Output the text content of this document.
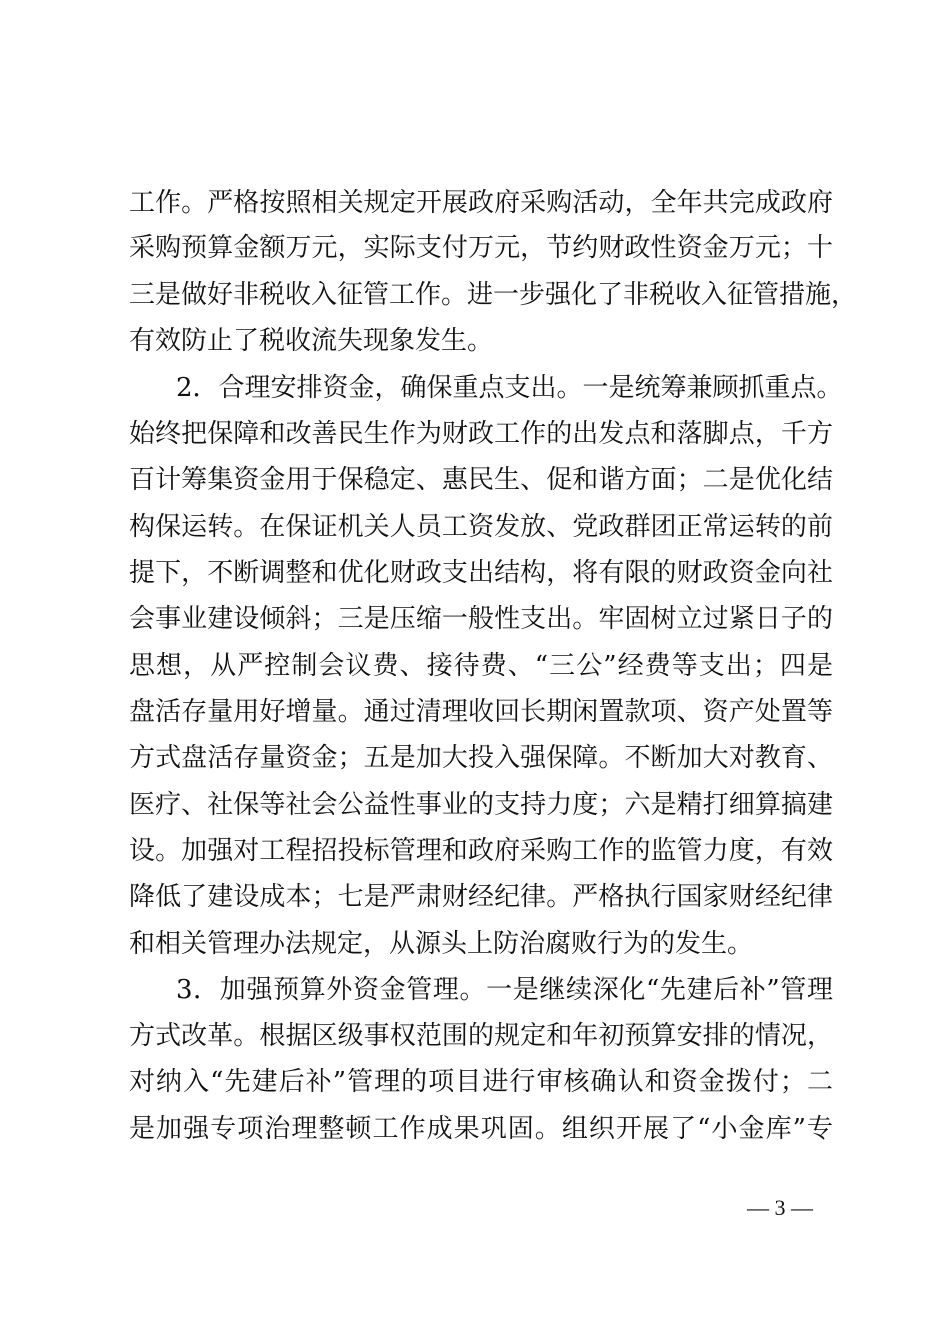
工作。严格按照相关规定开展政府采购活动，全年共完成政府
采购预算金额万元，实际支付万元，节约财政性资金万元；十
三是做好非税收入征管工作。进一步强化了非税收入征管措施，
有效防止了税收流失现象发生。
2．合理安排资金，确保重点支出。一是统筹兼顾抓重点。
始终把保障和改善民生作为财政工作的出发点和落脚点，千方
百计筹集资金用于保稳定、惠民生、促和谐方面；二是优化结
构保运转。在保证机关人员工资发放、党政群团正常运转的前
提下，不断调整和优化财政支出结构，将有限的财政资金向社
会事业建设倾斜；三是压缩一般性支出。牢固树立过紧日子的
思想，从严控制会议费、接待费、“三公”经费等支出；四是
盘活存量用好增量。通过清理收回长期闲置款项、资产处置等
方式盘活存量资金；五是加大投入强保障。不断加大对教育、
医疗、社保等社会公益性事业的支持力度；六是精打细算搞建
设。加强对工程招投标管理和政府采购工作的监管力度，有效
降低了建设成本；七是严肃财经纪律。严格执行国家财经纪律
和相关管理办法规定，从源头上防治腐败行为的发生。
3．加强预算外资金管理。一是继续深化“先建后补”管理
方式改革。根据区级事权范围的规定和年初预算安排的情况，
对纳入“先建后补”管理的项目进行审核确认和资金拨付；二
是加强专项治理整顿工作成果巩固。组织开展了“小金库”专
— 3 —
